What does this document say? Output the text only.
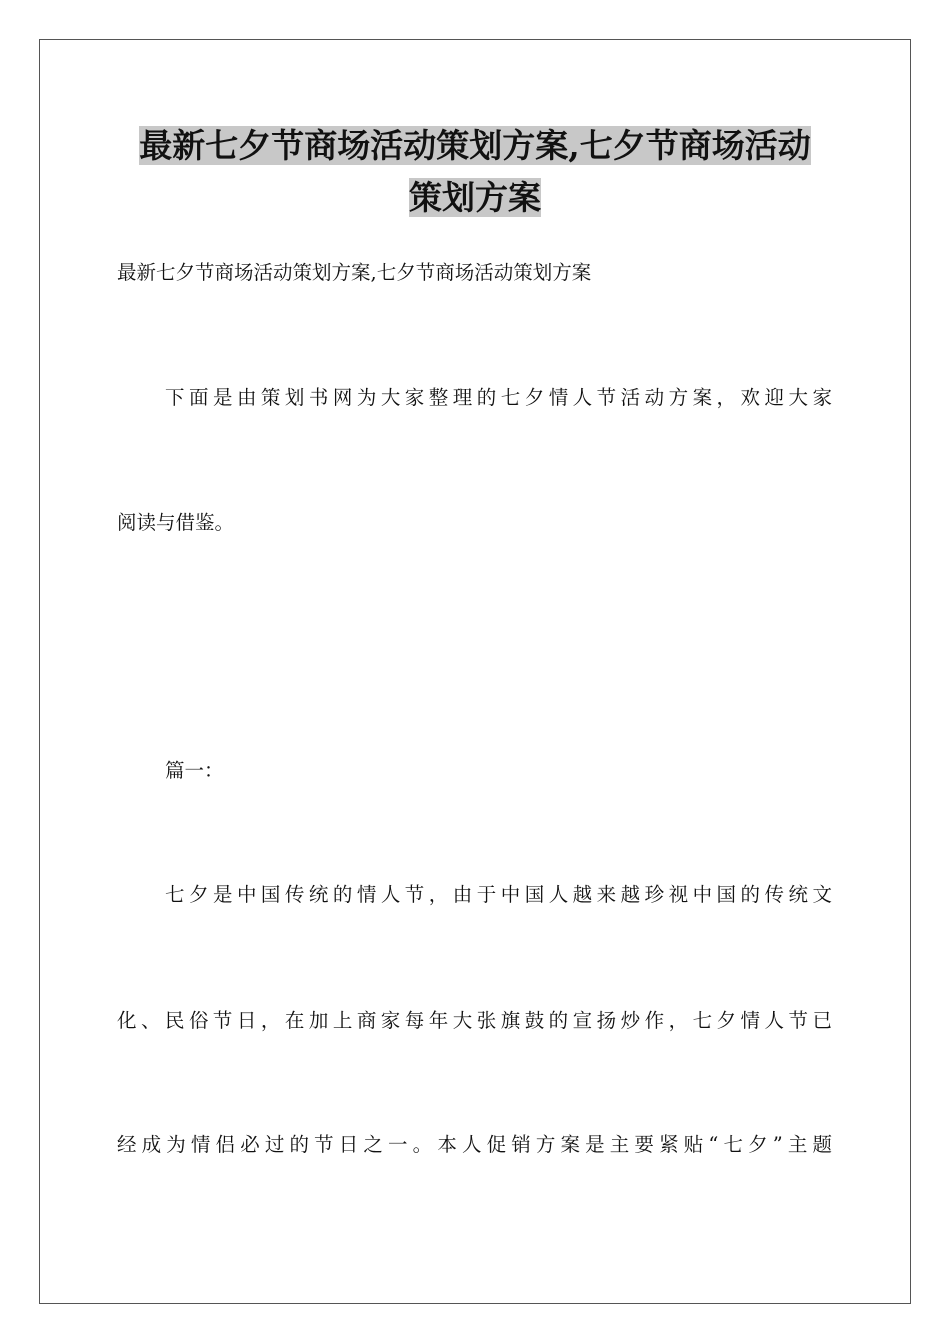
最新七夕节商场活动策划方案,七夕节商场活动
策划方案

最新七夕节商场活动策划方案,七夕节商场活动策划方案

下面是由策划书网为大家整理的七夕情人节活动方案，欢迎大家

阅读与借鉴。

篇一：

七夕是中国传统的情人节，由于中国人越来越珍视中国的传统文

化、民俗节日，在加上商家每年大张旗鼓的宣扬炒作，七夕情人节已

经成为情侣必过的节日之一。本人促销方案是主要紧贴“七夕”主题
